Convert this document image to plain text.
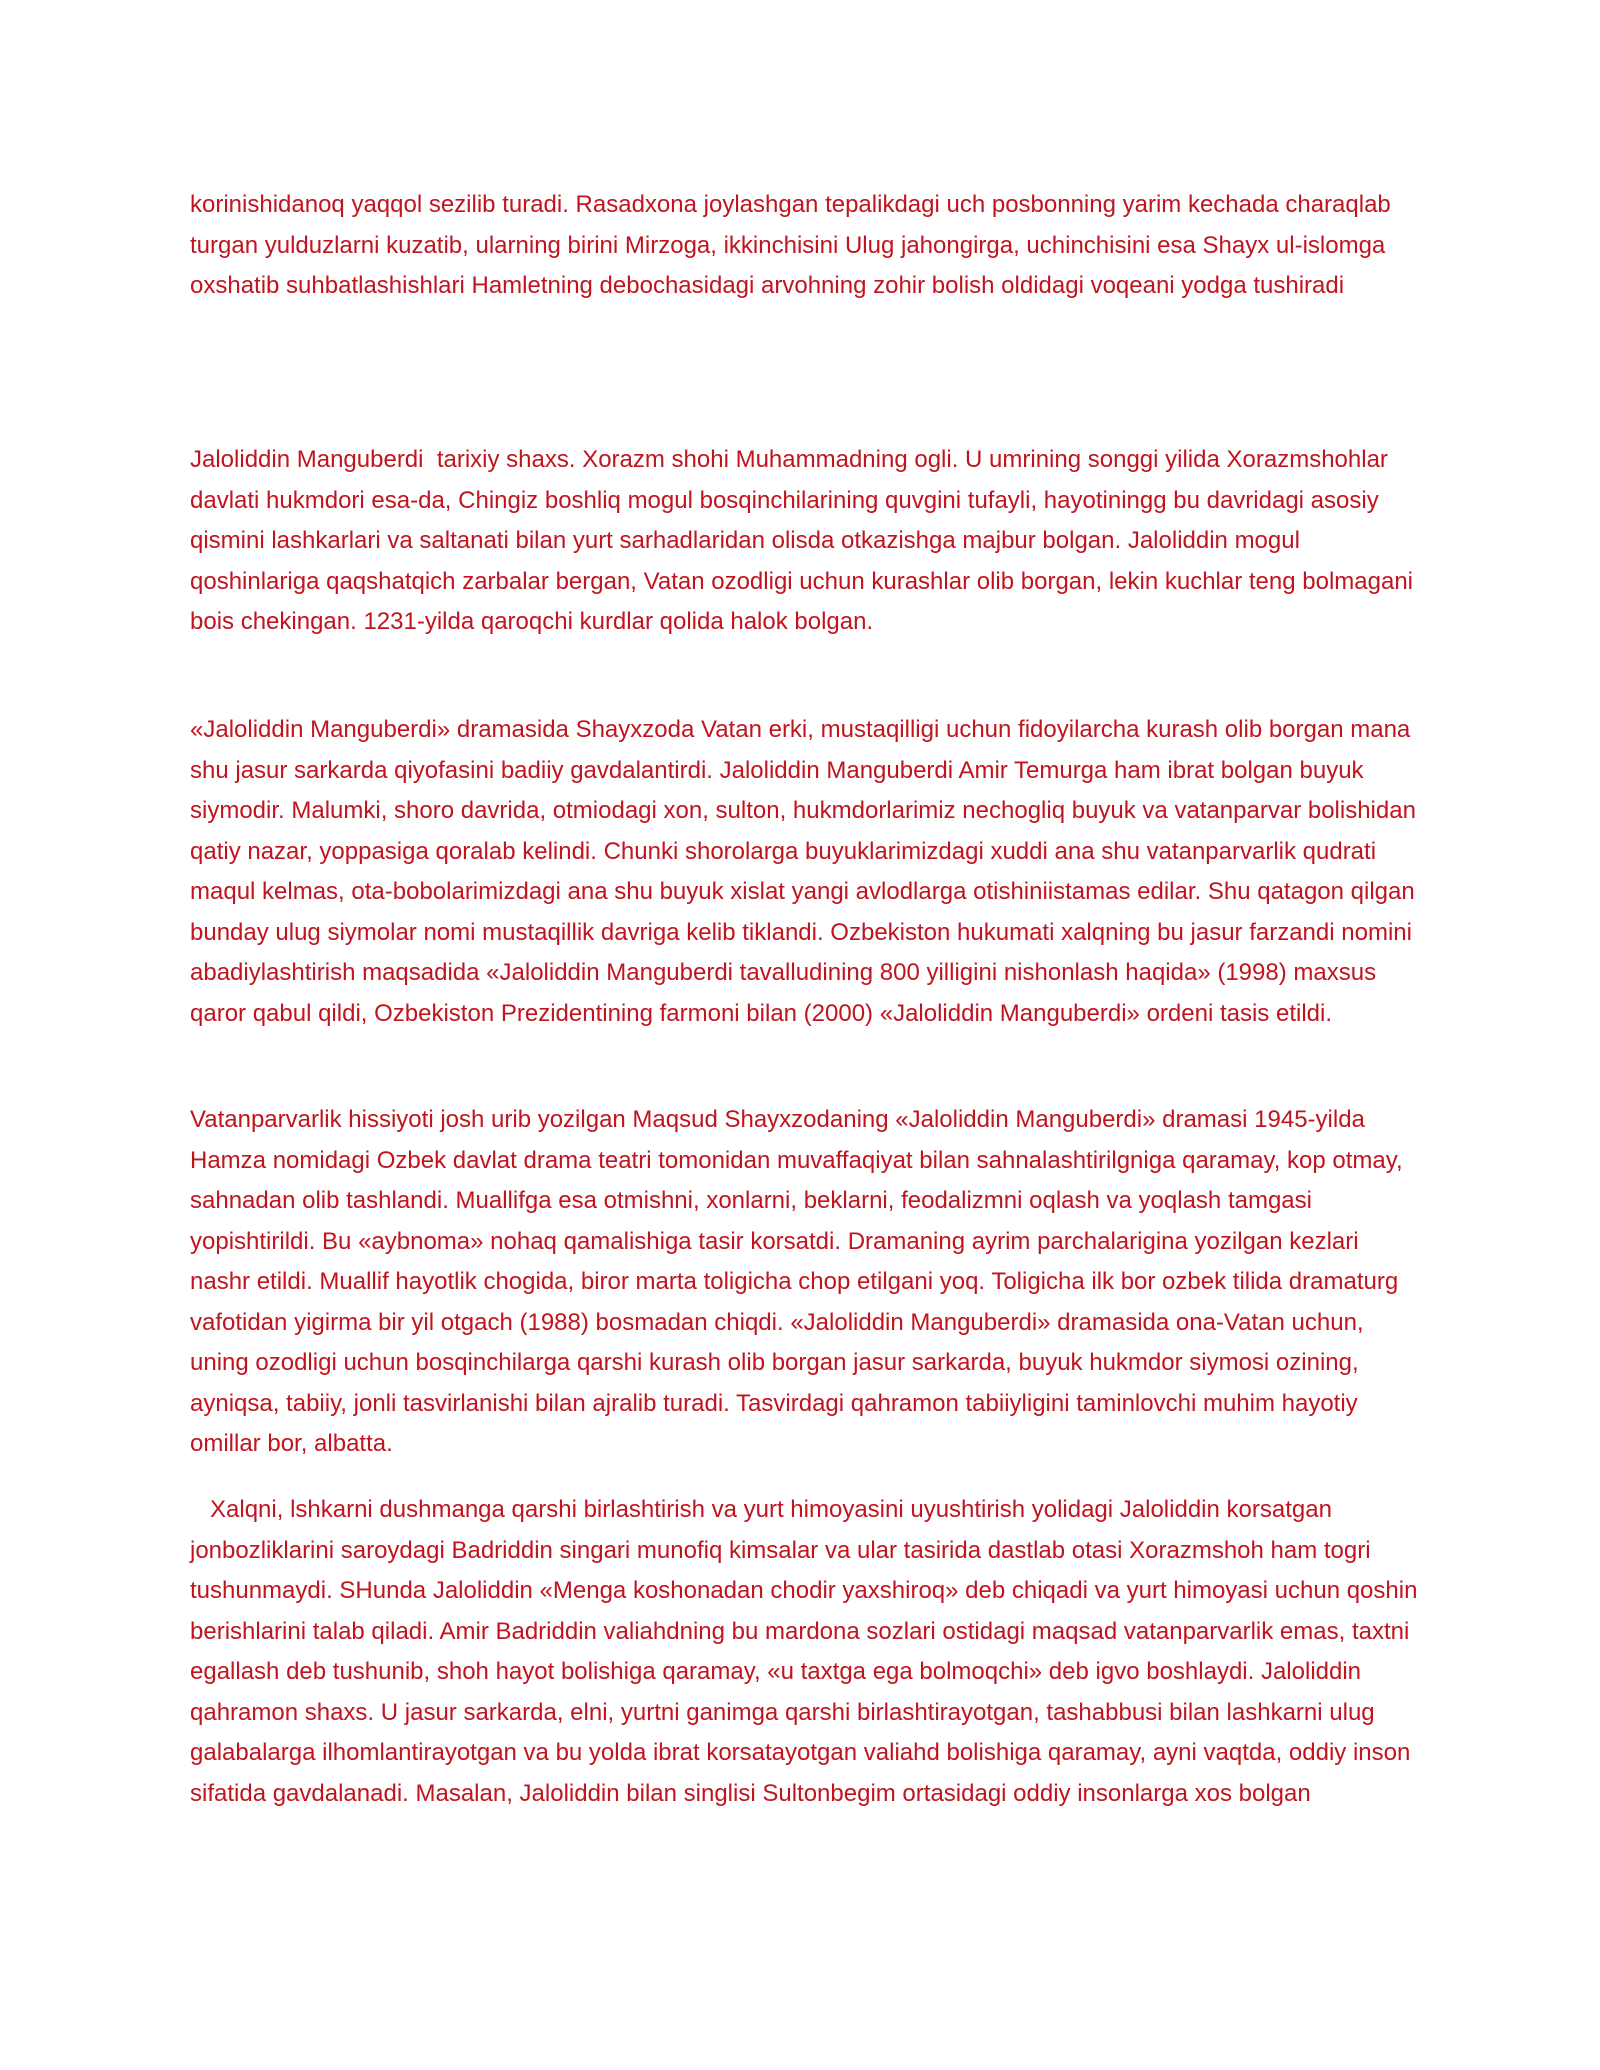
korinishidanoq yaqqol sezilib turadi. Rasadxona joylashgan tepalikdagi uch posbonning yarim kechada charaqlab turgan yulduzlarni kuzatib, ularning birini Mirzoga, ikkinchisini Ulug jahongirga, uchinchisini esa Shayx ul-islomga oxshatib suhbatlashishlari Hamletning debochasidagi arvohning zohir bolish oldidagi voqeani yodga tushiradi

Jaloliddin Manguberdi  tarixiy shaxs. Xorazm shohi Muhammadning ogli. U umrining songgi yilida Xorazmshohlar davlati hukmdori esa-da, Chingiz boshliq mogul bosqinchilarining quvgini tufayli, hayotiningg bu davridagi asosiy qismini lashkarlari va saltanati bilan yurt sarhadlaridan olisda otkazishga majbur bolgan. Jaloliddin mogul qoshinlariga qaqshatqich zarbalar bergan, Vatan ozodligi uchun kurashlar olib borgan, lekin kuchlar teng bolmagani bois chekingan. 1231-yilda qaroqchi kurdlar qolida halok bolgan.

«Jaloliddin Manguberdi» dramasida Shayxzoda Vatan erki, mustaqilligi uchun fidoyilarcha kurash olib borgan mana shu jasur sarkarda qiyofasini badiiy gavdalantirdi. Jaloliddin Manguberdi Amir Temurga ham ibrat bolgan buyuk siymodir. Malumki, shoro davrida, otmiodagi xon, sulton, hukmdorlarimiz nechogliq buyuk va vatanparvar bolishidan qatiy nazar, yoppasiga qoralab kelindi. Chunki shorolarga buyuklarimizdagi xuddi ana shu vatanparvarlik qudrati maqul kelmas, ota-bobolarimizdagi ana shu buyuk xislat yangi avlodlarga otishiniistamas edilar. Shu qatagon qilgan bunday ulug siymolar nomi mustaqillik davriga kelib tiklandi. Ozbekiston hukumati xalqning bu jasur farzandi nomini abadiylashtirish maqsadida «Jaloliddin Manguberdi tavalludining 800 yilligini nishonlash haqida» (1998) maxsus qaror qabul qildi, Ozbekiston Prezidentining farmoni bilan (2000) «Jaloliddin Manguberdi» ordeni tasis etildi.

Vatanparvarlik hissiyoti josh urib yozilgan Maqsud Shayxzodaning «Jaloliddin Manguberdi» dramasi 1945-yilda Hamza nomidagi Ozbek davlat drama teatri tomonidan muvaffaqiyat bilan sahnalashtirilgniga qaramay, kop otmay, sahnadan olib tashlandi. Muallifga esa otmishni, xonlarni, beklarni, feodalizmni oqlash va yoqlash tamgasi yopishtirildi. Bu «aybnoma» nohaq qamalishiga tasir korsatdi. Dramaning ayrim parchalarigina yozilgan kezlari nashr etildi. Muallif hayotlik chogida, biror marta toligicha chop etilgani yoq. Toligicha ilk bor ozbek tilida dramaturg vafotidan yigirma bir yil otgach (1988) bosmadan chiqdi. «Jaloliddin Manguberdi» dramasida ona-Vatan uchun, uning ozodligi uchun bosqinchilarga qarshi kurash olib borgan jasur sarkarda, buyuk hukmdor siymosi ozining, ayniqsa, tabiiy, jonli tasvirlanishi bilan ajralib turadi. Tasvirdagi qahramon tabiiyligini taminlovchi muhim hayotiy omillar bor, albatta.

Xalqni, lshkarni dushmanga qarshi birlashtirish va yurt himoyasini uyushtirish yolidagi Jaloliddin korsatgan jonbozliklarini saroydagi Badriddin singari munofiq kimsalar va ular tasirida dastlab otasi Xorazmshoh ham togri tushunmaydi. SHunda Jaloliddin «Menga koshonadan chodir yaxshiroq» deb chiqadi va yurt himoyasi uchun qoshin berishlarini talab qiladi. Amir Badriddin valiahdning bu mardona sozlari ostidagi maqsad vatanparvarlik emas, taxtni egallash deb tushunib, shoh hayot bolishiga qaramay, «u taxtga ega bolmoqchi» deb igvo boshlaydi. Jaloliddin  qahramon shaxs. U jasur sarkarda, elni, yurtni ganimga qarshi birlashtirayotgan, tashabbusi bilan lashkarni ulug galabalarga ilhomlantirayotgan va bu yolda ibrat korsatayotgan valiahd bolishiga qaramay, ayni vaqtda, oddiy inson sifatida gavdalanadi. Masalan, Jaloliddin bilan singlisi Sultonbegim ortasidagi oddiy insonlarga xos bolgan
